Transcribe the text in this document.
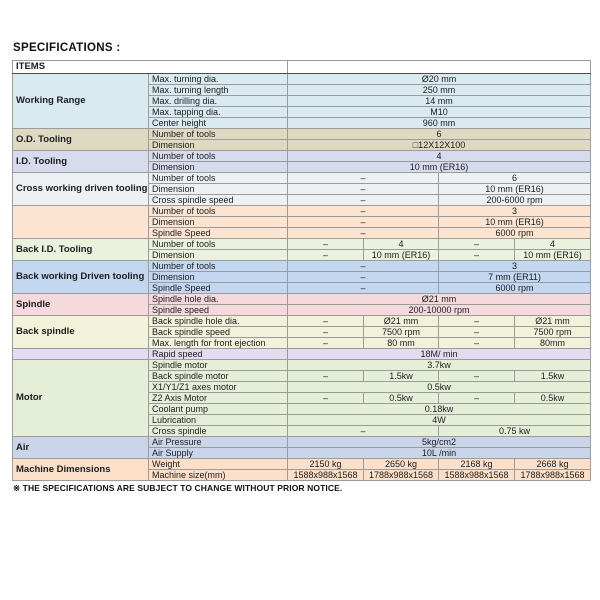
SPECIFICATIONS :
ITEMS					
Working Range	Max. turning dia.	Ø20 mm			
	Max. turning length	250 mm			
	Max. drilling dia.	14 mm			
	Max. tapping dia.	M10			
	Center height	960 mm			
O.D. Tooling	Number of tools	6			
	Dimension	□12X12X100			
I.D. Tooling	Number of tools	4			
	Dimension	10 mm (ER16)			
Cross working driven tooling	Number of tools	–		6	
	Dimension	–		10 mm (ER16)	
	Cross spindle speed	–		200-6000 rpm	
	Number of tools	–		3	
	Dimension	–		10 mm (ER16)	
	Spindle Speed	–		6000 rpm	
Back I.D. Tooling	Number of tools	–	4	–	4
	Dimension	–	10 mm (ER16)	–	10 mm (ER16)
Back working Driven tooling	Number of tools	–		3	
	Dimension	–		7 mm (ER11)	
	Spindle Speed	–		6000 rpm	
Spindle	Spindle hole dia.	Ø21 mm			
	Spindle speed	200-10000 rpm			
Back spindle	Back spindle hole dia.	–	Ø21 mm	–	Ø21 mm
	Back spindle speed	–	7500 rpm	–	7500 rpm
	Max. length for front ejection	–	80 mm	–	80mm
	Rapid speed	18M/ min			
Motor	Spindle motor	3.7kw			
	Back spindle motor	–	1.5kw	–	1.5kw
	X1/Y1/Z1 axes motor	0.5kw			
	Z2 Axis Motor	–	0.5kw	–	0.5kw
	Coolant pump	0.18kw			
	Lubrication	4W			
	Cross spindle	–		0.75 kw	
Air	Air Pressure	5kg/cm2			
	Air Supply	10L /min			
Machine Dimensions	Weight	2150 kg	2650 kg	2168 kg	2668 kg
	Machine size(mm)	1588x988x1568	1788x988x1568	1588x988x1568	1788x988x1568
※ THE SPECIFICATIONS ARE SUBJECT TO CHANGE WITHOUT PRIOR NOTICE.
